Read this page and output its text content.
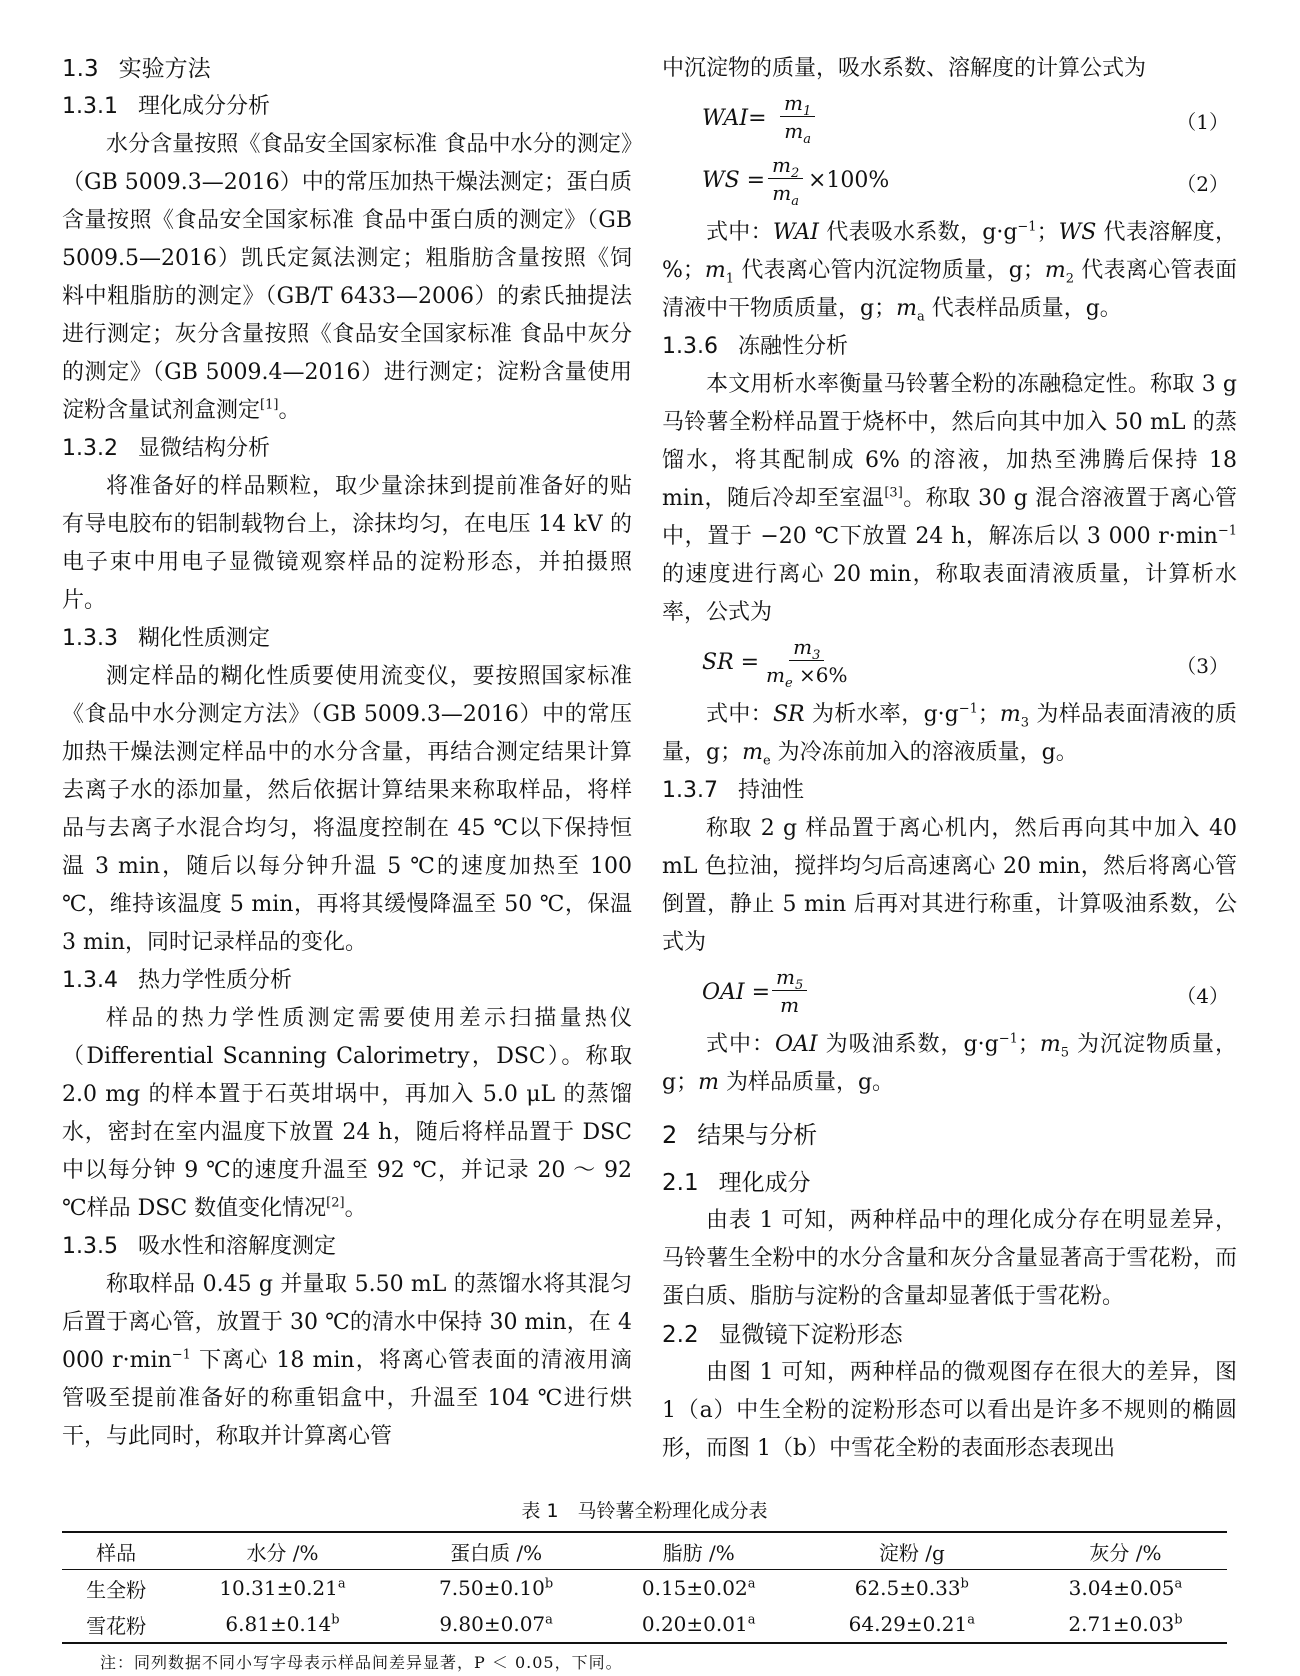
1.3 实验方法
1.3.1 理化成分分析

水分含量按照《食品安全国家标准 食品中水分的测定》（GB 5009.3—2016）中的常压加热干燥法测定；蛋白质含量按照《食品安全国家标准 食品中蛋白质的测定》（GB 5009.5—2016）凯氏定氮法测定；粗脂肪含量按照《饲料中粗脂肪的测定》（GB/T 6433—2006）的索氏抽提法进行测定；灰分含量按照《食品安全国家标准 食品中灰分的测定》（GB 5009.4—2016）进行测定；淀粉含量使用淀粉含量试剂盒测定[1]。

1.3.2 显微结构分析

将准备好的样品颗粒，取少量涂抹到提前准备好的贴有导电胶布的铝制载物台上，涂抹均匀，在电压 14 kV 的电子束中用电子显微镜观察样品的淀粉形态，并拍摄照片。

1.3.3 糊化性质测定

测定样品的糊化性质要使用流变仪，要按照国家标准《食品中水分测定方法》（GB 5009.3—2016）中的常压加热干燥法测定样品中的水分含量，再结合测定结果计算去离子水的添加量，然后依据计算结果来称取样品，将样品与去离子水混合均匀，将温度控制在 45 ℃以下保持恒温 3 min，随后以每分钟升温 5 ℃的速度加热至 100 ℃，维持该温度 5 min，再将其缓慢降温至 50 ℃，保温 3 min，同时记录样品的变化。

1.3.4 热力学性质分析

样品的热力学性质测定需要使用差示扫描量热仪（Differential Scanning Calorimetry，DSC）。称取 2.0 mg 的样本置于石英坩埚中，再加入 5.0 μL 的蒸馏水，密封在室内温度下放置 24 h，随后将样品置于 DSC 中以每分钟 9 ℃的速度升温至 92 ℃，并记录 20 ～ 92 ℃样品 DSC 数值变化情况[2]。

1.3.5 吸水性和溶解度测定

称取样品 0.45 g 并量取 5.50 mL 的蒸馏水将其混匀后置于离心管，放置于 30 ℃的清水中保持 30 min，在 4 000 $r\cdot\min^{-1}$ 下离心 18 min，将离心管表面的清液用滴管吸至提前准备好的称重铝盒中，升温至 104 ℃进行烘干，与此同时，称取并计算离心管

中沉淀物的质量，吸水系数、溶解度的计算公式为

$WAI= \frac{m_1}{m_a}$	（1）
WS = $\frac{m_2}{m_a} \times 100\%$	（2）

式中：WAI 代表吸水系数，$g\cdot g^{-1}$；WS 代表溶解度，%；$m_1$ 代表离心管内沉淀物质量，g；$m_2$ 代表离心管表面清液中干物质质量，g；$m_a$ 代表样品质量，g。

1.3.6 冻融性分析

本文用析水率衡量马铃薯全粉的冻融稳定性。称取 3 g 马铃薯全粉样品置于烧杯中，然后向其中加入 50 mL 的蒸馏水，将其配制成 6% 的溶液，加热至沸腾后保持 18 min，随后冷却至室温[3]。称取 30 g 混合溶液置于离心管中，置于 −20 ℃下放置 24 h，解冻后以 3 000 $r\cdot\min^{-1}$ 的速度进行离心 20 min，称取表面清液质量，计算析水率，公式为

SR = $\frac{m_3}{m_e \times 6\%}$	（3）

式中：SR 为析水率，$g\cdot g^{-1}$；$m_3$ 为样品表面清液的质量，g；$m_e$ 为冷冻前加入的溶液质量，g。

1.3.7 持油性

称取 2 g 样品置于离心机内，然后再向其中加入 40 mL 色拉油，搅拌均匀后高速离心 20 min，然后将离心管倒置，静止 5 min 后再对其进行称重，计算吸油系数，公式为

OAI = $\frac{m_5}{m}$	（4）

式中：OAI 为吸油系数，$g\cdot g^{-1}$；$m_5$ 为沉淀物质量，g；m 为样品质量，g。

2 结果与分析
2.1 理化成分

由表 1 可知，两种样品中的理化成分存在明显差异，马铃薯生全粉中的水分含量和灰分含量显著高于雪花粉，而蛋白质、脂肪与淀粉的含量却显著低于雪花粉。

2.2 显微镜下淀粉形态

由图 1 可知，两种样品的微观图存在很大的差异，图 1（a）中生全粉的淀粉形态可以看出是许多不规则的椭圆形，而图 1（b）中雪花全粉的表面形态表现出

表 1　马铃薯全粉理化成分表
样品	水分 /%	蛋白质 /%	脂肪 /%	淀粉 /g	灰分 /%
生全粉	10.31±0.21$^a$	7.50±0.10$^b$	0.15±0.02$^a$	62.5±0.33$^b$	3.04±0.05$^a$
雪花粉	6.81±0.14$^b$	9.80±0.07$^a$	0.20±0.01$^a$	64.29±0.21$^a$	2.71±0.03$^b$
注：同列数据不同小写字母表示样品间差异显著，P ＜ 0.05，下同。
